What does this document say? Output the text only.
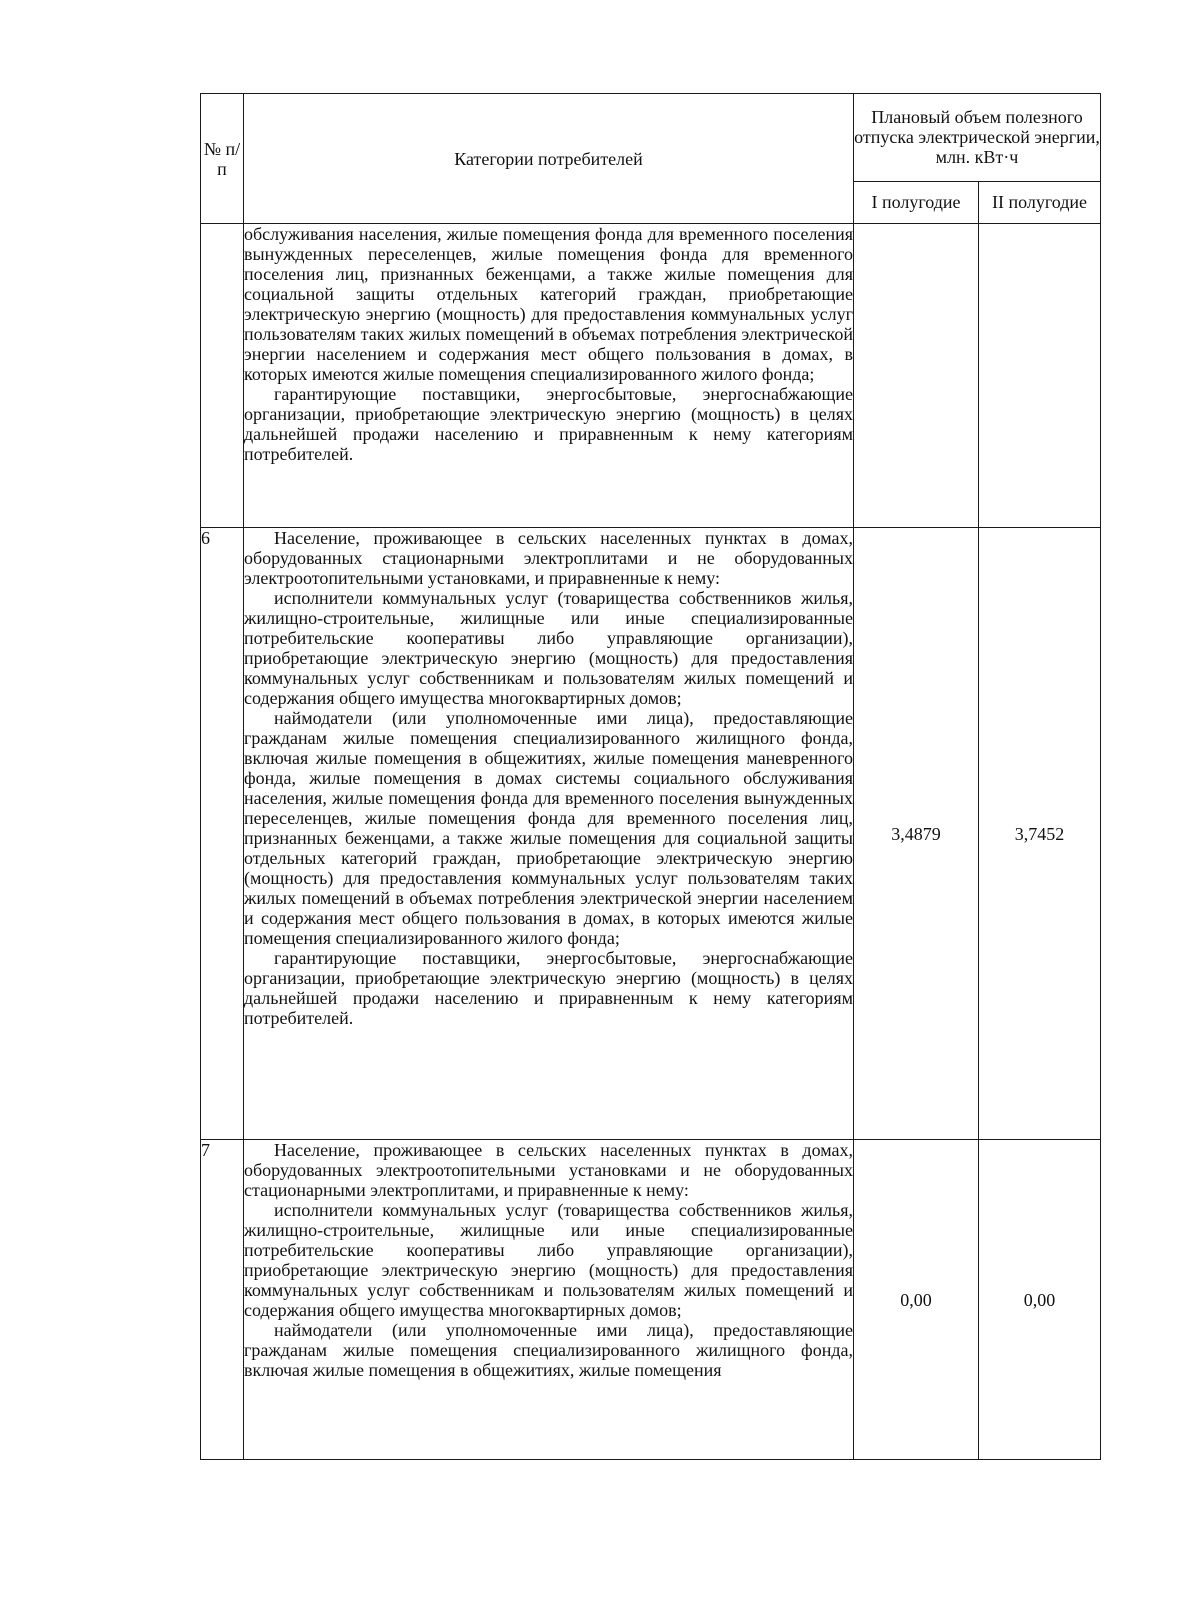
№ п/п	Категории потребителей	Плановый объем полезного отпуска электрической энергии, млн. кВт·ч	
		I полугодие	II полугодие

	обслуживания населения, жилые помещения фонда для временного поселения вынужденных переселенцев, жилые помещения фонда для временного поселения лиц, признанных беженцами, а также жилые помещения для социальной защиты отдельных категорий граждан, приобретающие электрическую энергию (мощность) для предоставления коммунальных услуг пользователям таких жилых помещений в объемах потребления электрической энергии населением и содержания мест общего пользования в домах, в которых имеются жилые помещения специализированного жилого фонда;

гарантирующие поставщики, энергосбытовые, энергоснабжающие организации, приобретающие электрическую энергию (мощность) в целях дальнейшей продажи населению и приравненным к нему категориям потребителей.		

6	Население, проживающее в сельских населенных пунктах в домах, оборудованных стационарными электроплитами и не оборудованных электроотопительными установками, и приравненные к нему:

исполнители коммунальных услуг (товарищества собственников жилья, жилищно-строительные, жилищные или иные специализированные потребительские кооперативы либо управляющие организации), приобретающие электрическую энергию (мощность) для предоставления коммунальных услуг собственникам и пользователям жилых помещений и содержания общего имущества многоквартирных домов;

наймодатели (или уполномоченные ими лица), предоставляющие гражданам жилые помещения специализированного жилищного фонда, включая жилые помещения в общежитиях, жилые помещения маневренного фонда, жилые помещения в домах системы социального обслуживания населения, жилые помещения фонда для временного поселения вынужденных переселенцев, жилые помещения фонда для временного поселения лиц, признанных беженцами, а также жилые помещения для социальной защиты отдельных категорий граждан, приобретающие электрическую энергию (мощность) для предоставления коммунальных услуг пользователям таких жилых помещений в объемах потребления электрической энергии населением и содержания мест общего пользования в домах, в которых имеются жилые помещения специализированного жилого фонда;

гарантирующие поставщики, энергосбытовые, энергоснабжающие организации, приобретающие электрическую энергию (мощность) в целях дальнейшей продажи населению и приравненным к нему категориям потребителей.	3,4879	3,7452
7	Население, проживающее в сельских населенных пунктах в домах, оборудованных электроотопительными установками и не оборудованных стационарными электроплитами, и приравненные к нему:

исполнители коммунальных услуг (товарищества собственников жилья, жилищно-строительные, жилищные или иные специализированные потребительские кооперативы либо управляющие организации), приобретающие электрическую энергию (мощность) для предоставления коммунальных услуг собственникам и пользователям жилых помещений и содержания общего имущества многоквартирных домов;

наймодатели (или уполномоченные ими лица), предоставляющие гражданам жилые помещения специализированного жилищного фонда, включая жилые помещения в общежитиях, жилые помещения	0,00	0,00
